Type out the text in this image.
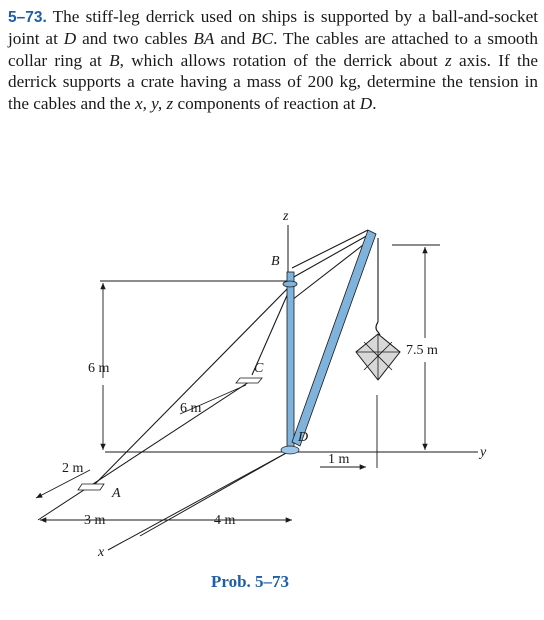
5–73. The stiff-leg derrick used on ships is supported by a ball-and-socket joint at D and two cables BA and BC. The cables are attached to a smooth collar ring at B, which allows rotation of the derrick about z axis. If the derrick supports a crate having a mass of 200 kg, determine the tension in the cables and the x, y, z components of reaction at D.
z
B
C
D
A
x
y
6 m
6 m
2 m
3 m	4 m
1 m
7.5 m
Prob. 5–73
